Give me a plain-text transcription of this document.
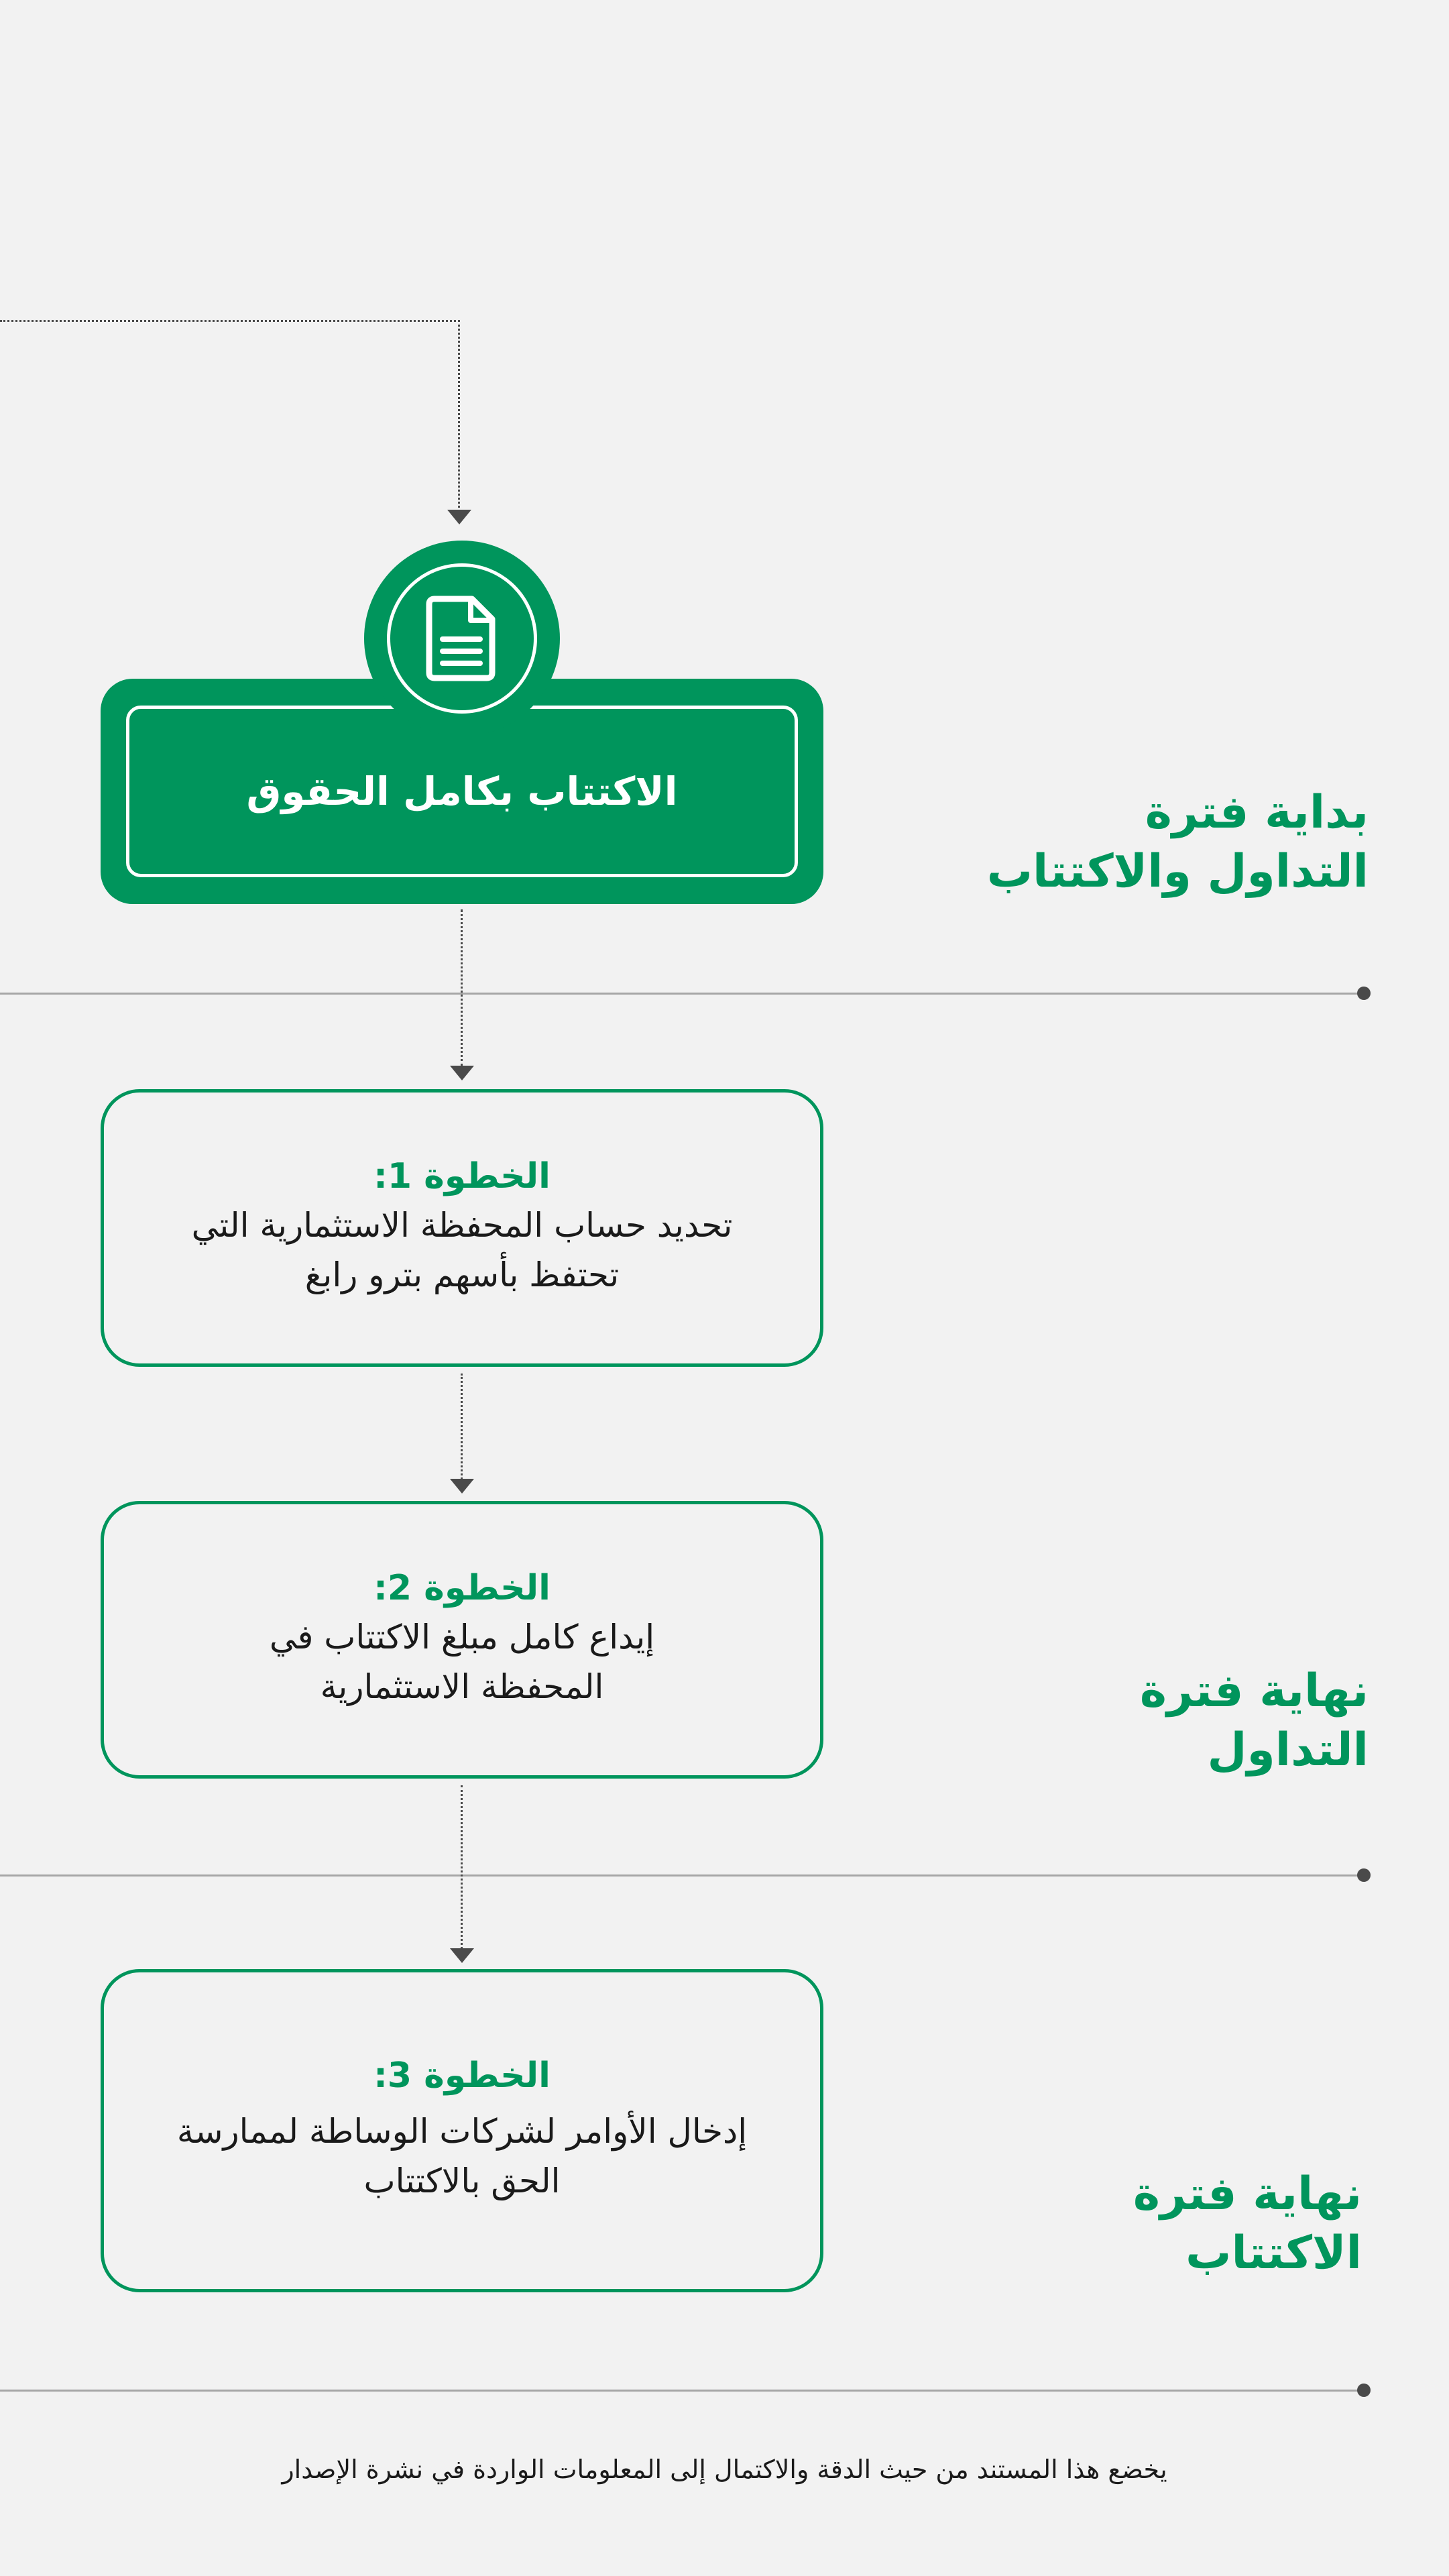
الاكتتاب بكامل الحقوق	بداية فترة
التداول والاكتتاب
الخطوة 1:
تحديد حساب المحفظة الاستثمارية التي
تحتفظ بأسهم بترو رابغ
الخطوة 2:
إيداع كامل مبلغ الاكتتاب في
المحفظة الاستثمارية	نهاية فترة
التداول
الخطوة 3:
إدخال الأوامر لشركات الوساطة لممارسة
الحق بالاكتتاب	نهاية فترة
الاكتتاب
يخضع هذا المستند من حيث الدقة والاكتمال إلى المعلومات الواردة في نشرة الإصدار
